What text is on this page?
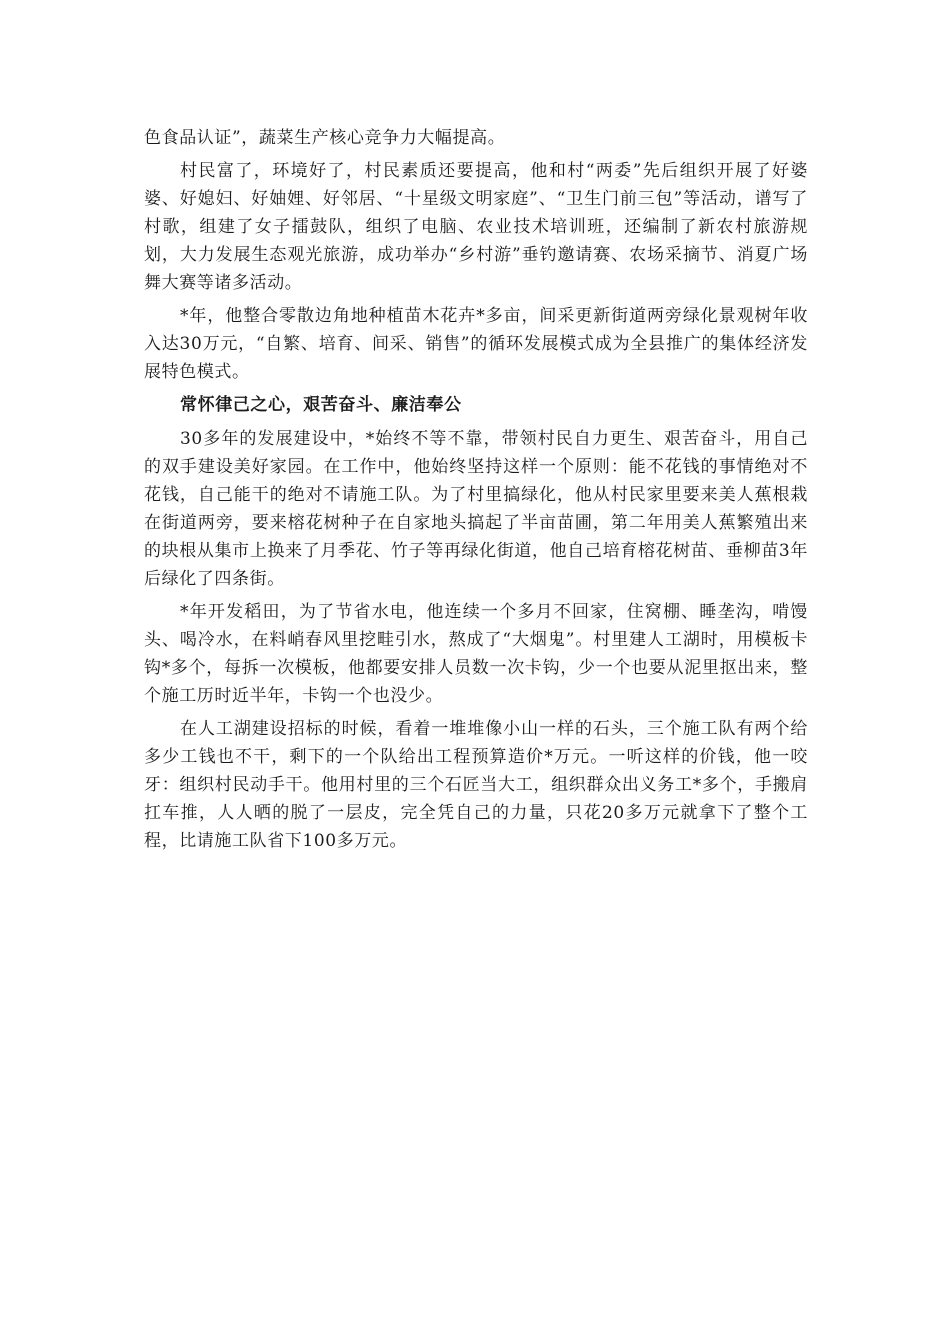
色食品认证”，蔬菜生产核心竞争力大幅提高。

村民富了，环境好了，村民素质还要提高，他和村“两委”先后组织开展了好婆婆、好媳妇、好妯娌、好邻居、“十星级文明家庭”、“卫生门前三包”等活动，谱写了村歌，组建了女子擂鼓队，组织了电脑、农业技术培训班，还编制了新农村旅游规划，大力发展生态观光旅游，成功举办“乡村游”垂钓邀请赛、农场采摘节、消夏广场舞大赛等诸多活动。

*年，他整合零散边角地种植苗木花卉*多亩，间采更新街道两旁绿化景观树年收入达30万元，“自繁、培育、间采、销售”的循环发展模式成为全县推广的集体经济发展特色模式。

常怀律己之心，艰苦奋斗、廉洁奉公

30多年的发展建设中，*始终不等不靠，带领村民自力更生、艰苦奋斗，用自己的双手建设美好家园。在工作中，他始终坚持这样一个原则：能不花钱的事情绝对不花钱，自己能干的绝对不请施工队。为了村里搞绿化，他从村民家里要来美人蕉根栽在街道两旁，要来榕花树种子在自家地头搞起了半亩苗圃，第二年用美人蕉繁殖出来的块根从集市上换来了月季花、竹子等再绿化街道，他自己培育榕花树苗、垂柳苗3年后绿化了四条街。

*年开发稻田，为了节省水电，他连续一个多月不回家，住窝棚、睡垄沟，啃馒头、喝冷水，在料峭春风里挖畦引水，熬成了“大烟鬼”。村里建人工湖时，用模板卡钩*多个，每拆一次模板，他都要安排人员数一次卡钩，少一个也要从泥里抠出来，整个施工历时近半年，卡钩一个也没少。

在人工湖建设招标的时候，看着一堆堆像小山一样的石头，三个施工队有两个给多少工钱也不干，剩下的一个队给出工程预算造价*万元。一听这样的价钱，他一咬牙：组织村民动手干。他用村里的三个石匠当大工，组织群众出义务工*多个，手搬肩扛车推，人人晒的脱了一层皮，完全凭自己的力量，只花20多万元就拿下了整个工程，比请施工队省下100多万元。
